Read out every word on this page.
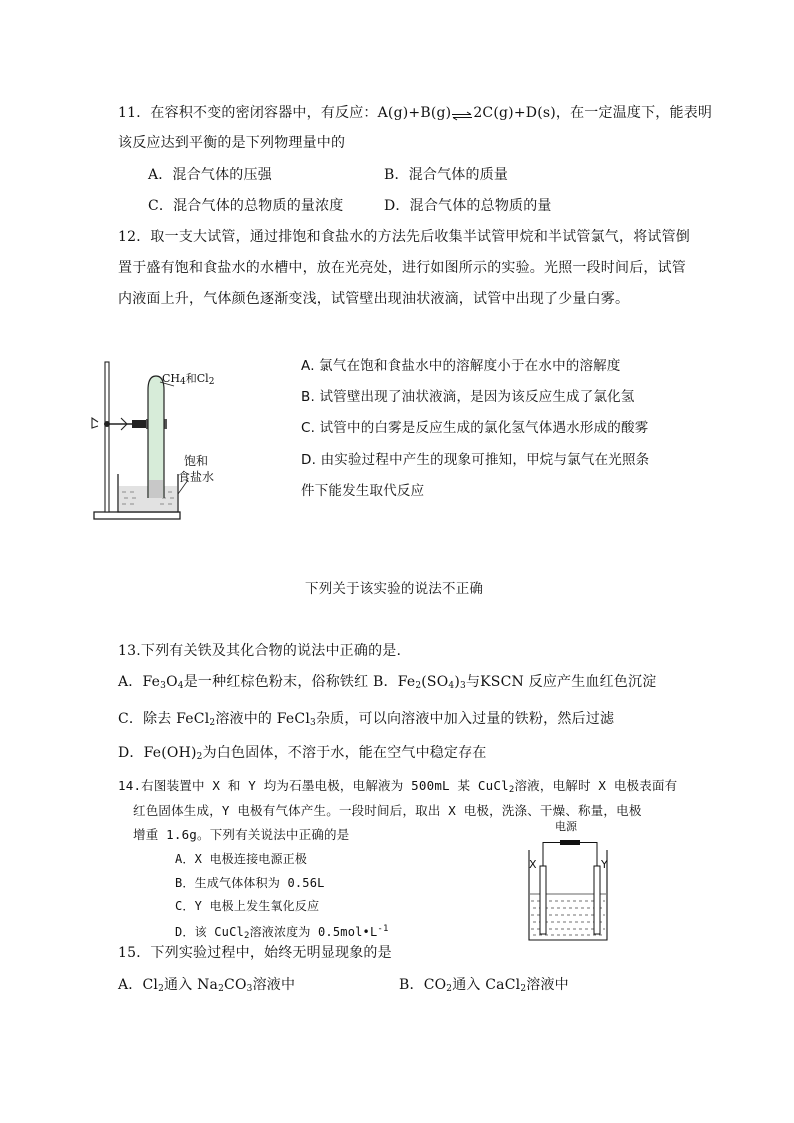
11．在容积不变的密闭容器中，有反应：A(g)+B(g)⇌2C(g)+D(s)，在一定温度下，能表明
该反应达到平衡的是下列物理量中的
A．混合气体的压强	B．混合气体的质量
C．混合气体的总物质的量浓度	D．混合气体的总物质的量
12．取一支大试管，通过排饱和食盐水的方法先后收集半试管甲烷和半试管氯气，将试管倒
置于盛有饱和食盐水的水槽中，放在光亮处，进行如图所示的实验。光照一段时间后，试管
内液面上升，气体颜色逐渐变浅，试管壁出现油状液滴，试管中出现了少量白雾。
$CH_4$和$Cl_2$
饱和
食盐水
A. 氯气在饱和食盐水中的溶解度小于在水中的溶解度
B. 试管壁出现了油状液滴，是因为该反应生成了氯化氢
C. 试管中的白雾是反应生成的氯化氢气体遇水形成的酸雾
D. 由实验过程中产生的现象可推知，甲烷与氯气在光照条
件下能发生取代反应
下列关于该实验的说法不正确
13.下列有关铁及其化合物的说法中正确的是.
A．$Fe_3O_4$是一种红棕色粉末，俗称铁红 B．$Fe_2(SO_4)_3$与KSCN 反应产生血红色沉淀
C．除去 FeCl$_2$溶液中的 FeCl$_3$杂质，可以向溶液中加入过量的铁粉，然后过滤
D．$Fe(OH)_2$为白色固体，不溶于水，能在空气中稳定存在
14.右图装置中 X 和 Y 均为石墨电极，电解液为 500mL 某 CuCl$_2$溶液，电解时 X 电极表面有
红色固体生成，Y 电极有气体产生。一段时间后，取出 X 电极，洗涤、干燥、称量，电极
增重 1.6g。下列有关说法中正确的是
A．X 电极连接电源正极
B．生成气体体积为 0.56L
C．Y 电极上发生氧化反应
D．该 CuCl$_2$溶液浓度为 $0.5mol•L^{-1}$
电源
X	Y
15．下列实验过程中，始终无明显现象的是
A．$Cl_2$通入 $Na_2CO_3$溶液中	B．$CO_2$通入 CaCl$_2$溶液中
